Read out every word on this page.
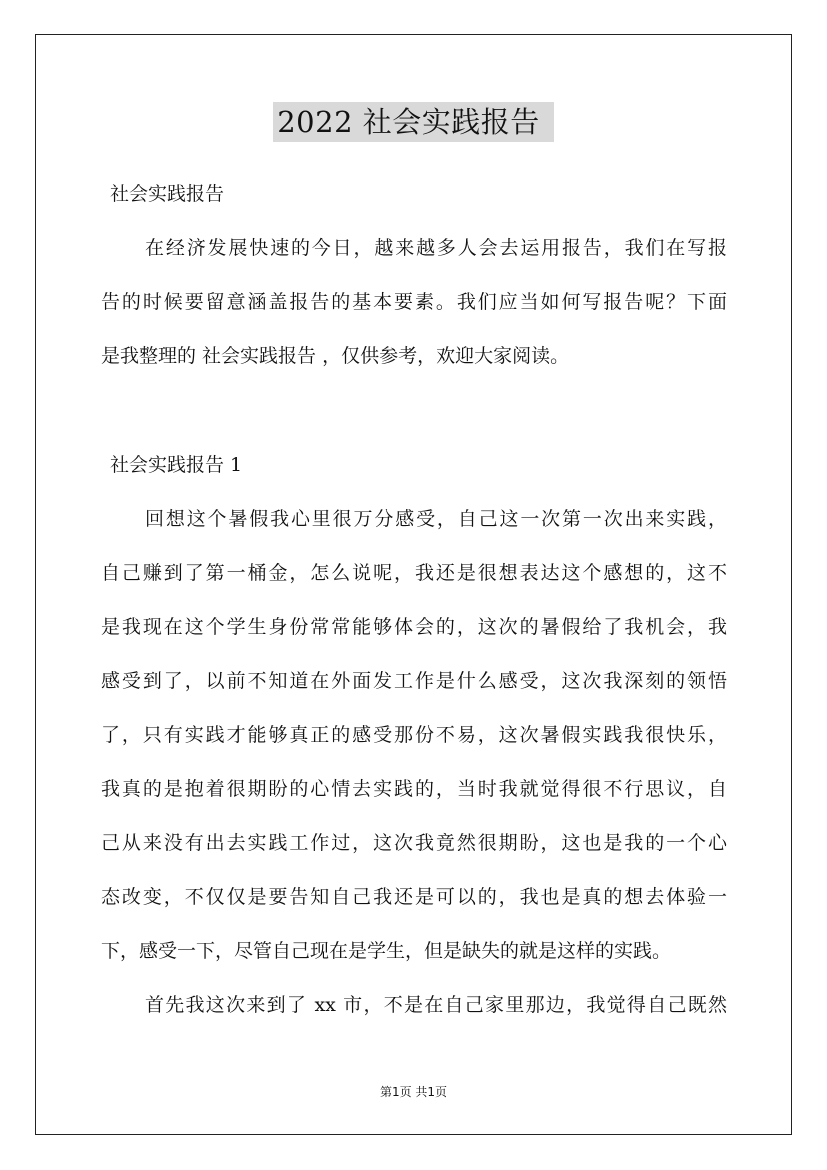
2022 社会实践报告
社会实践报告
在经济发展快速的今日，越来越多人会去运用报告，我们在写报
告的时候要留意涵盖报告的基本要素。我们应当如何写报告呢？下面
是我整理的 社会实践报告 ，仅供参考，欢迎大家阅读。
社会实践报告 1
回想这个暑假我心里很万分感受，自己这一次第一次出来实践，
自己赚到了第一桶金，怎么说呢，我还是很想表达这个感想的，这不
是我现在这个学生身份常常能够体会的，这次的暑假给了我机会，我
感受到了，以前不知道在外面发工作是什么感受，这次我深刻的领悟
了，只有实践才能够真正的感受那份不易，这次暑假实践我很快乐，
我真的是抱着很期盼的心情去实践的，当时我就觉得很不行思议，自
己从来没有出去实践工作过，这次我竟然很期盼，这也是我的一个心
态改变，不仅仅是要告知自己我还是可以的，我也是真的想去体验一
下，感受一下，尽管自己现在是学生，但是缺失的就是这样的实践。
首先我这次来到了 xx 市，不是在自己家里那边，我觉得自己既然
第1页 共1页
